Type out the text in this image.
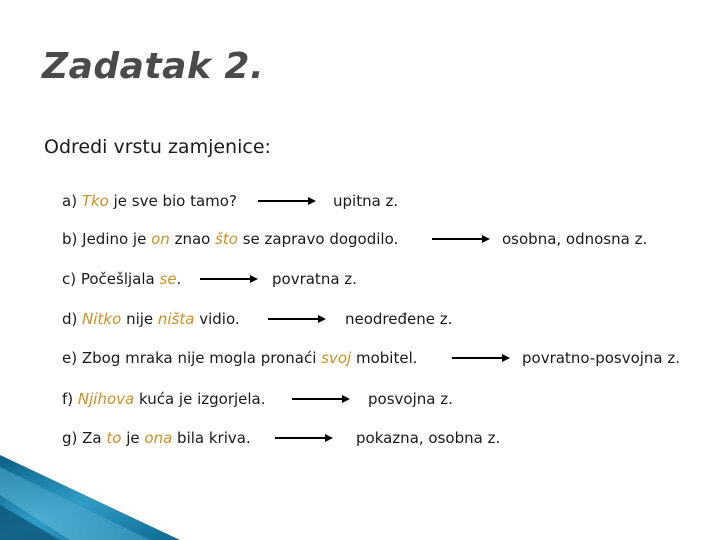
Zadatak 2.
Odredi vrstu zamjenice:
a) Tko je sve bio tamo?	upitna z.
b) Jedino je on znao što se zapravo dogodilo.	osobna, odnosna z.
c) Počešljala se.	povratna z.
d) Nitko nije ništa vidio.	neodređene z.
e) Zbog mraka nije mogla pronaći svoj mobitel.	povratno-posvojna z.
f) Njihova kuća je izgorjela.	posvojna z.
g) Za to je ona bila kriva.	pokazna, osobna z.
